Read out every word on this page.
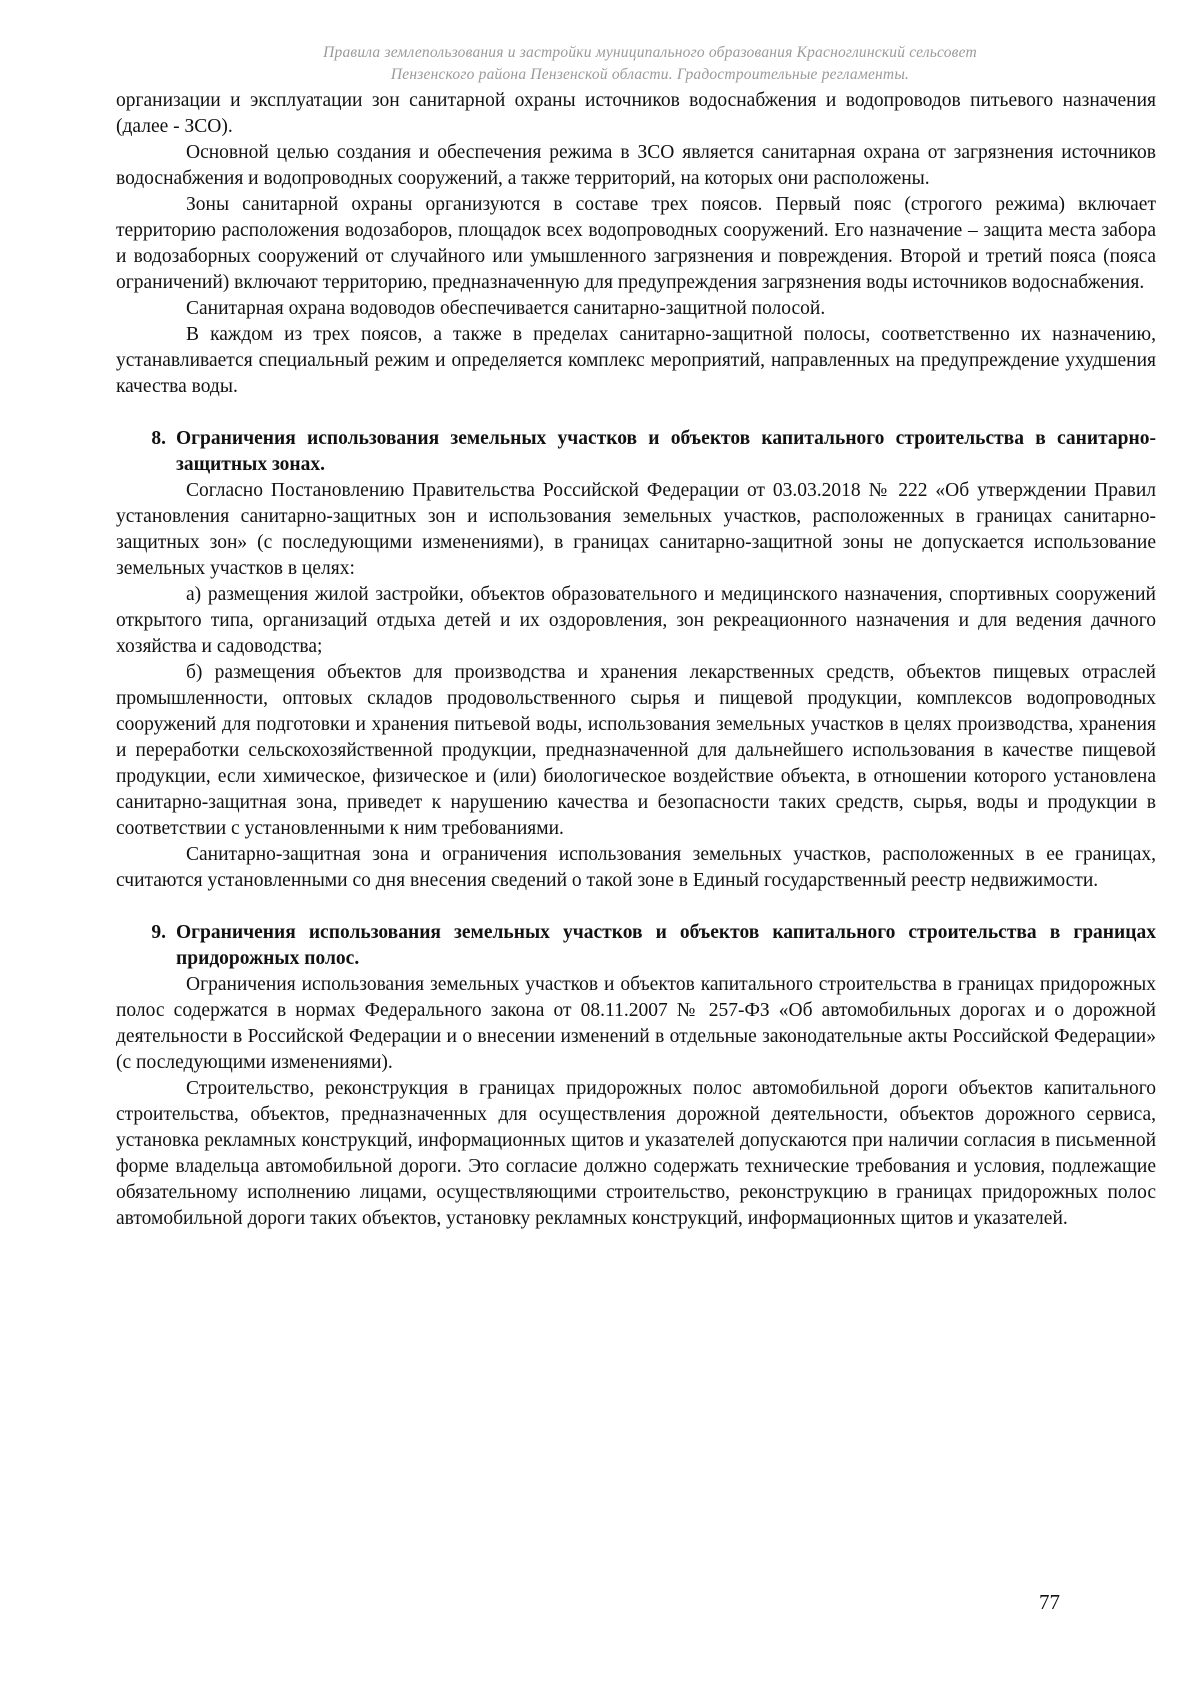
Правила землепользования и застройки муниципального образования Красноглинский сельсовет
Пензенского района Пензенской области. Градостроительные регламенты.

организации и эксплуатации зон санитарной охраны источников водоснабжения и водопроводов питьевого назначения (далее - ЗСО).

Основной целью создания и обеспечения режима в ЗСО является санитарная охрана от загрязнения источников водоснабжения и водопроводных сооружений, а также территорий, на которых они расположены.

Зоны санитарной охраны организуются в составе трех поясов. Первый пояс (строгого режима) включает территорию расположения водозаборов, площадок всех водопроводных сооружений. Его назначение – защита места забора и водозаборных сооружений от случайного или умышленного загрязнения и повреждения. Второй и третий пояса (пояса ограничений) включают территорию, предназначенную для предупреждения загрязнения воды источников водоснабжения.

Санитарная охрана водоводов обеспечивается санитарно-защитной полосой.

В каждом из трех поясов, а также в пределах санитарно-защитной полосы, соответственно их назначению, устанавливается специальный режим и определяется комплекс мероприятий, направленных на предупреждение ухудшения качества воды.

8. Ограничения использования земельных участков и объектов капитального строительства в санитарно-защитных зонах.

Согласно Постановлению Правительства Российской Федерации от 03.03.2018 № 222 «Об утверждении Правил установления санитарно-защитных зон и использования земельных участков, расположенных в границах санитарно-защитных зон» (с последующими изменениями), в границах санитарно-защитной зоны не допускается использование земельных участков в целях:

а) размещения жилой застройки, объектов образовательного и медицинского назначения, спортивных сооружений открытого типа, организаций отдыха детей и их оздоровления, зон рекреационного назначения и для ведения дачного хозяйства и садоводства;

б) размещения объектов для производства и хранения лекарственных средств, объектов пищевых отраслей промышленности, оптовых складов продовольственного сырья и пищевой продукции, комплексов водопроводных сооружений для подготовки и хранения питьевой воды, использования земельных участков в целях производства, хранения и переработки сельскохозяйственной продукции, предназначенной для дальнейшего использования в качестве пищевой продукции, если химическое, физическое и (или) биологическое воздействие объекта, в отношении которого установлена санитарно-защитная зона, приведет к нарушению качества и безопасности таких средств, сырья, воды и продукции в соответствии с установленными к ним требованиями.

Санитарно-защитная зона и ограничения использования земельных участков, расположенных в ее границах, считаются установленными со дня внесения сведений о такой зоне в Единый государственный реестр недвижимости.

9. Ограничения использования земельных участков и объектов капитального строительства в границах придорожных полос.

Ограничения использования земельных участков и объектов капитального строительства в границах придорожных полос содержатся в нормах Федерального закона от 08.11.2007 № 257-ФЗ «Об автомобильных дорогах и о дорожной деятельности в Российской Федерации и о внесении изменений в отдельные законодательные акты Российской Федерации» (с последующими изменениями).

Строительство, реконструкция в границах придорожных полос автомобильной дороги объектов капитального строительства, объектов, предназначенных для осуществления дорожной деятельности, объектов дорожного сервиса, установка рекламных конструкций, информационных щитов и указателей допускаются при наличии согласия в письменной форме владельца автомобильной дороги. Это согласие должно содержать технические требования и условия, подлежащие обязательному исполнению лицами, осуществляющими строительство, реконструкцию в границах придорожных полос автомобильной дороги таких объектов, установку рекламных конструкций, информационных щитов и указателей.

77
